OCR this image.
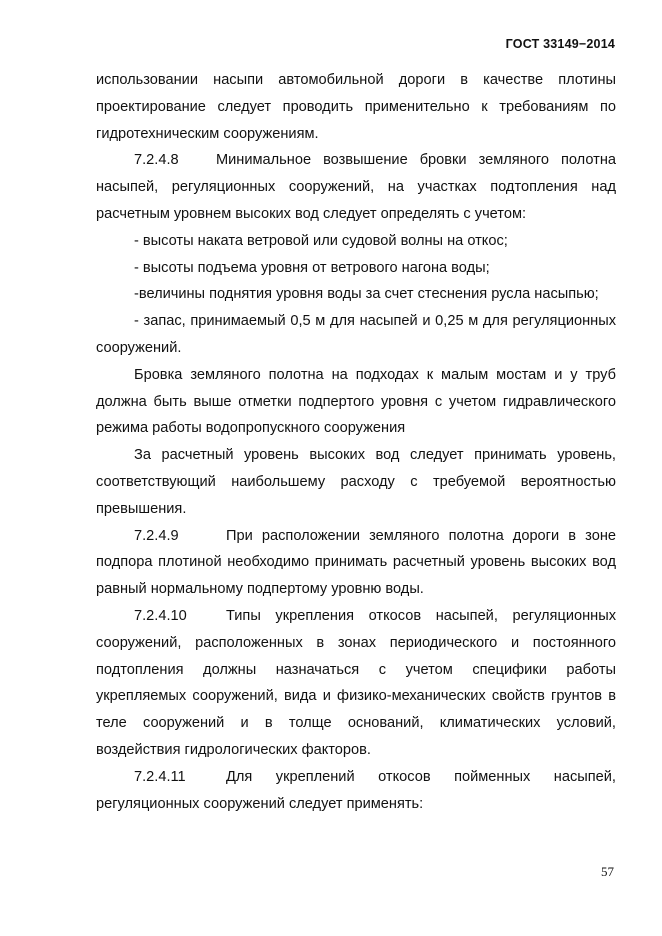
ГОСТ 33149−2014

использовании насыпи автомобильной дороги в качестве плотины проектирование следует проводить применительно к требованиям по гидротехническим сооружениям.

7.2.4.8	Минимальное возвышение бровки земляного полотна насыпей, регуляционных сооружений, на участках подтопления над расчетным уровнем высоких вод следует определять с учетом:

- высоты наката ветровой или судовой волны на откос;

- высоты подъема уровня от ветрового нагона воды;

-величины поднятия уровня воды за счет стеснения русла насыпью;

- запас, принимаемый 0,5 м для насыпей и 0,25 м для регуляционных сооружений.

Бровка земляного полотна на подходах к малым мостам и у труб должна быть выше отметки подпертого уровня с учетом гидравлического режима работы водопропускного сооружения

За расчетный уровень высоких вод следует принимать уровень, соответствующий наибольшему расходу с требуемой вероятностью превышения.

7.2.4.9	При расположении земляного полотна дороги в зоне подпора плотиной необходимо принимать расчетный уровень высоких вод равный нормальному подпертому уровню воды.

7.2.4.10	Типы укрепления откосов насыпей, регуляционных сооружений, расположенных в зонах периодического и постоянного подтопления должны назначаться с учетом специфики работы укрепляемых сооружений, вида и физико-механических свойств грунтов в теле сооружений и в толще оснований, климатических условий, воздействия гидрологических факторов.

7.2.4.11	Для укреплений откосов пойменных насыпей, регуляционных сооружений следует применять:

57
